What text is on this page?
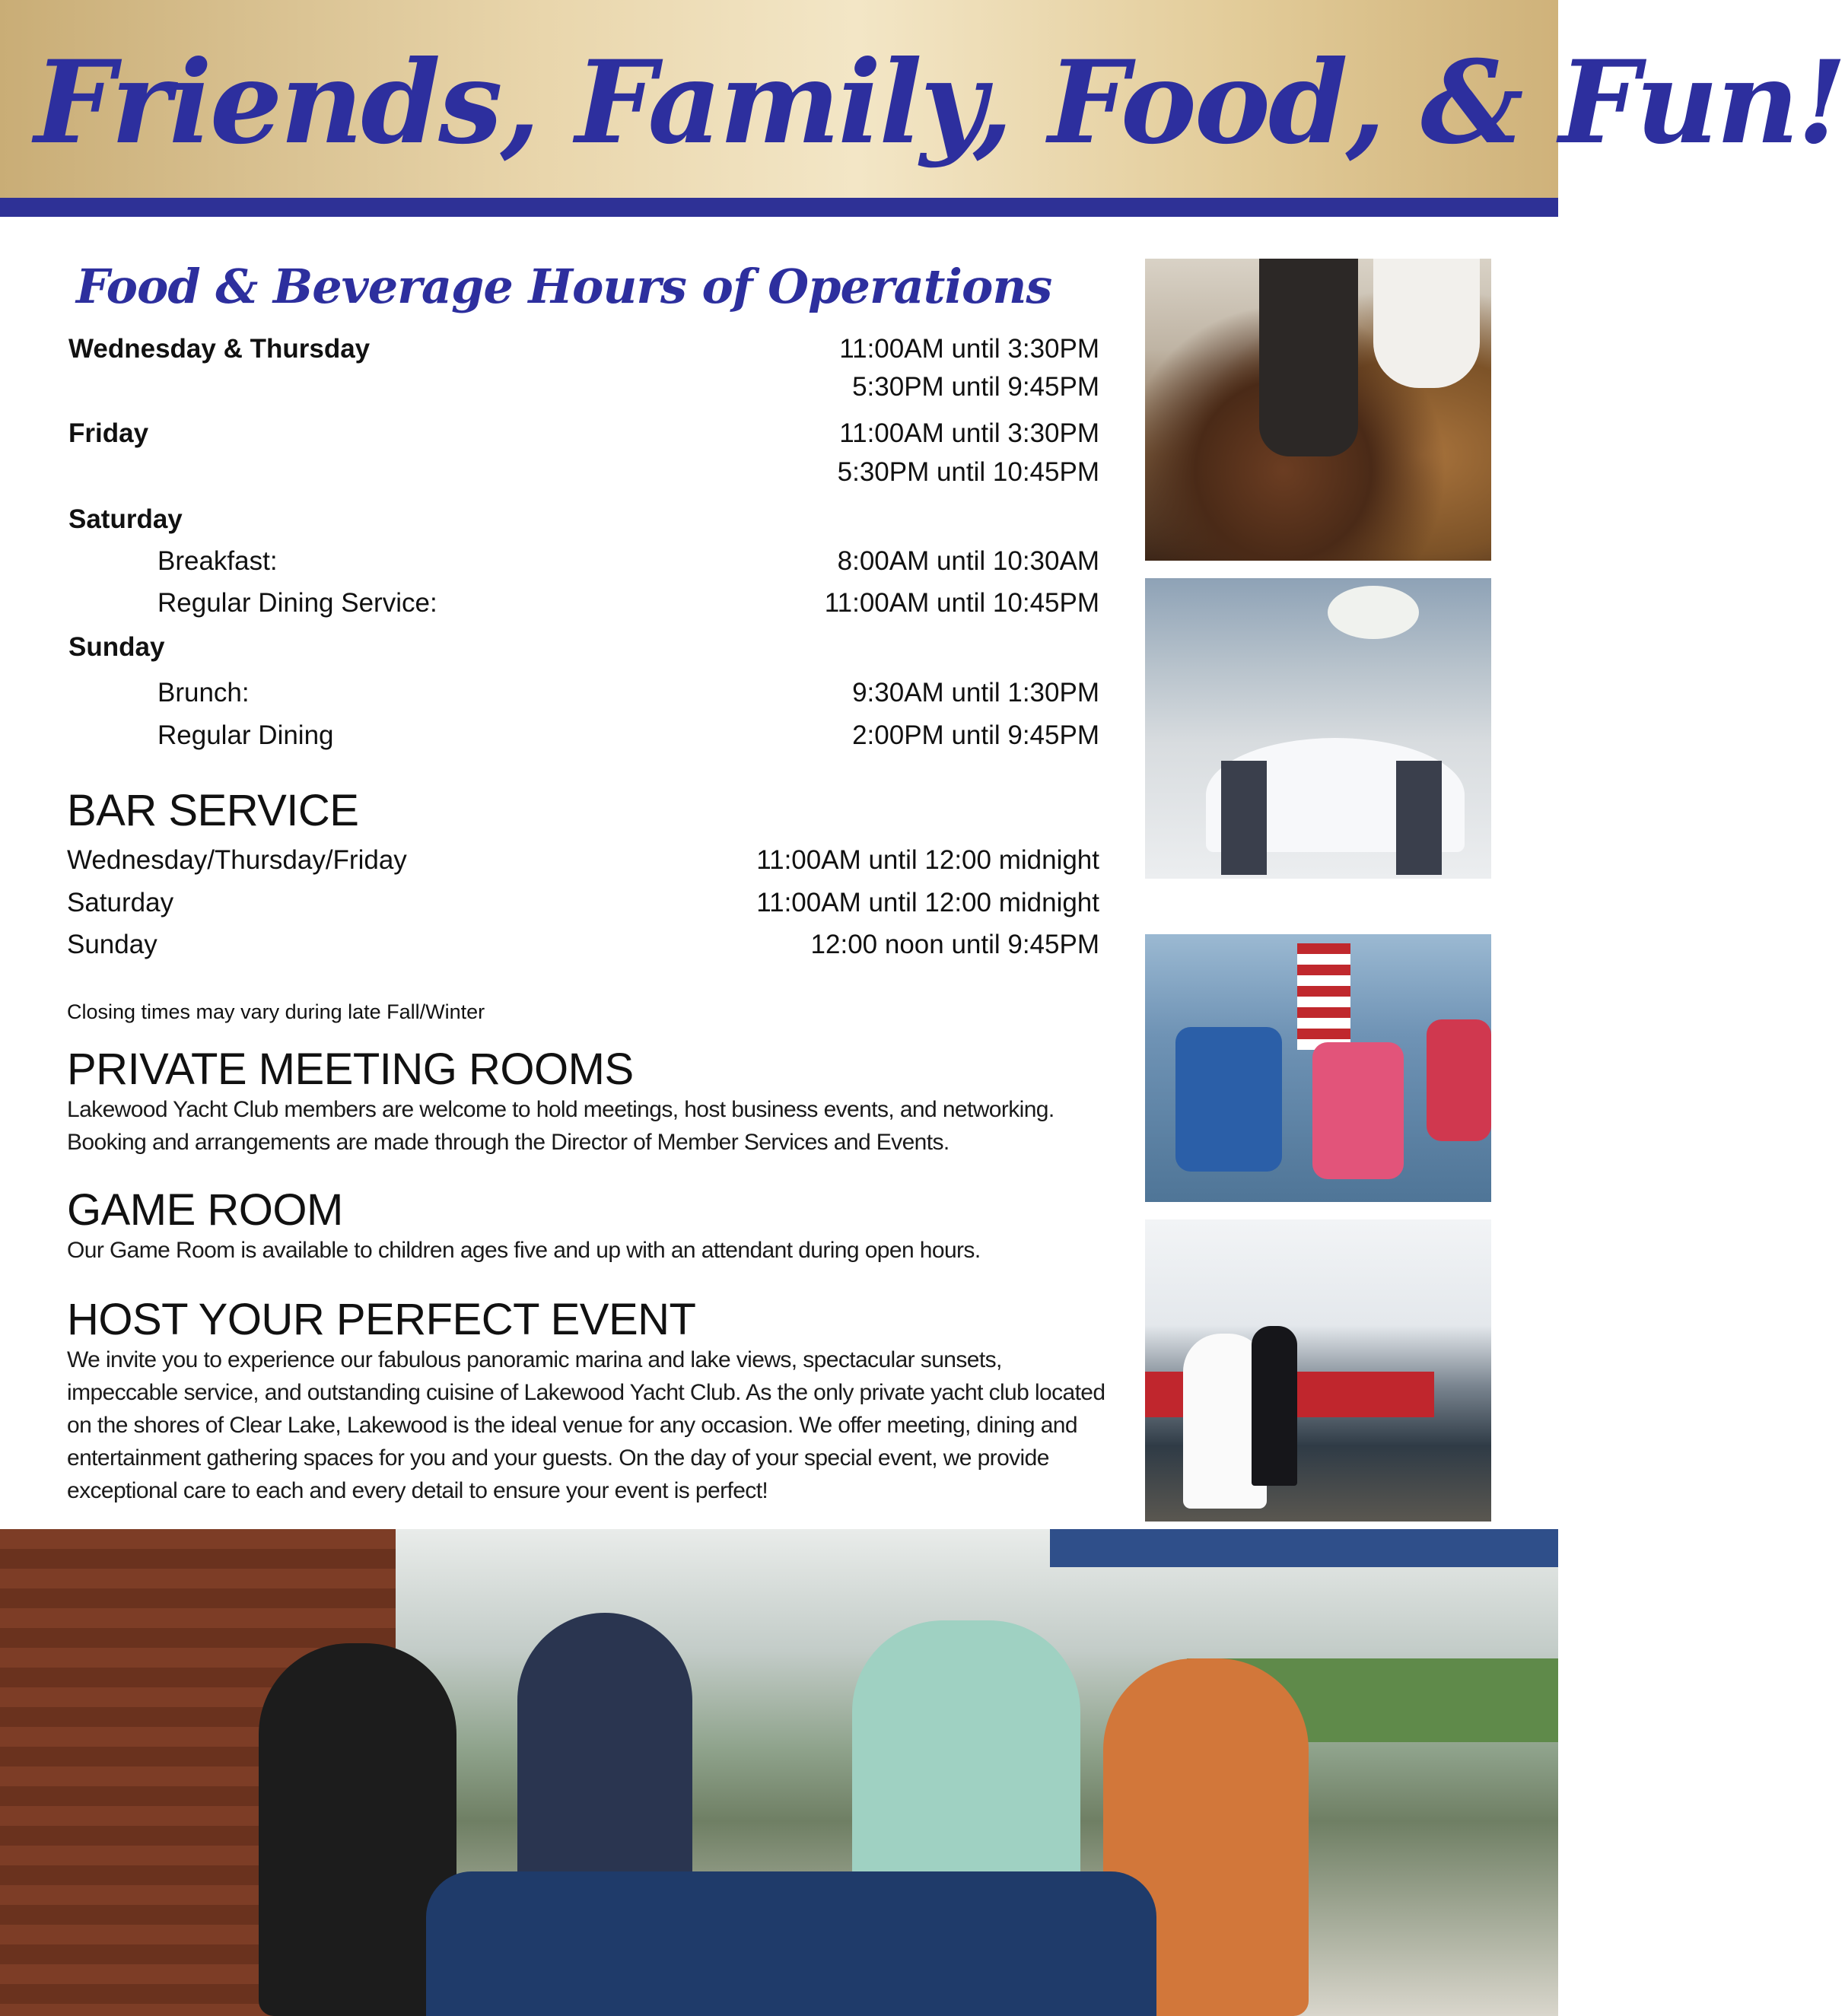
Friends, Family, Food, & Fun!
Food & Beverage Hours of Operations
Wednesday & Thursday	11:00AM until 3:30PM
5:30PM until 9:45PM
Friday	11:00AM until 3:30PM
5:30PM until 10:45PM
Saturday
Breakfast:	8:00AM until 10:30AM
Regular Dining Service:	11:00AM until 10:45PM
Sunday
Brunch:	9:30AM until 1:30PM
Regular Dining	2:00PM until 9:45PM
BAR SERVICE
Wednesday/Thursday/Friday	11:00AM until 12:00 midnight
Saturday	11:00AM until 12:00 midnight
Sunday	12:00 noon until 9:45PM
Closing times may vary during late Fall/Winter
PRIVATE MEETING ROOMS
Lakewood Yacht Club members are welcome to hold meetings, host business events, and networking. Booking and arrangements are made through the Director of Member Services and Events.
GAME ROOM
Our Game Room is available to children ages five and up with an attendant during open hours.
HOST YOUR PERFECT EVENT
We invite you to experience our fabulous panoramic marina and lake views, spectacular sunsets, impeccable service, and outstanding cuisine of Lakewood Yacht Club. As the only private yacht club located on the shores of Clear Lake, Lakewood is the ideal venue for any occasion. We offer meeting, dining and entertainment gathering spaces for you and your guests. On the day of your special event, we provide exceptional care to each and every detail to ensure your event is perfect!
